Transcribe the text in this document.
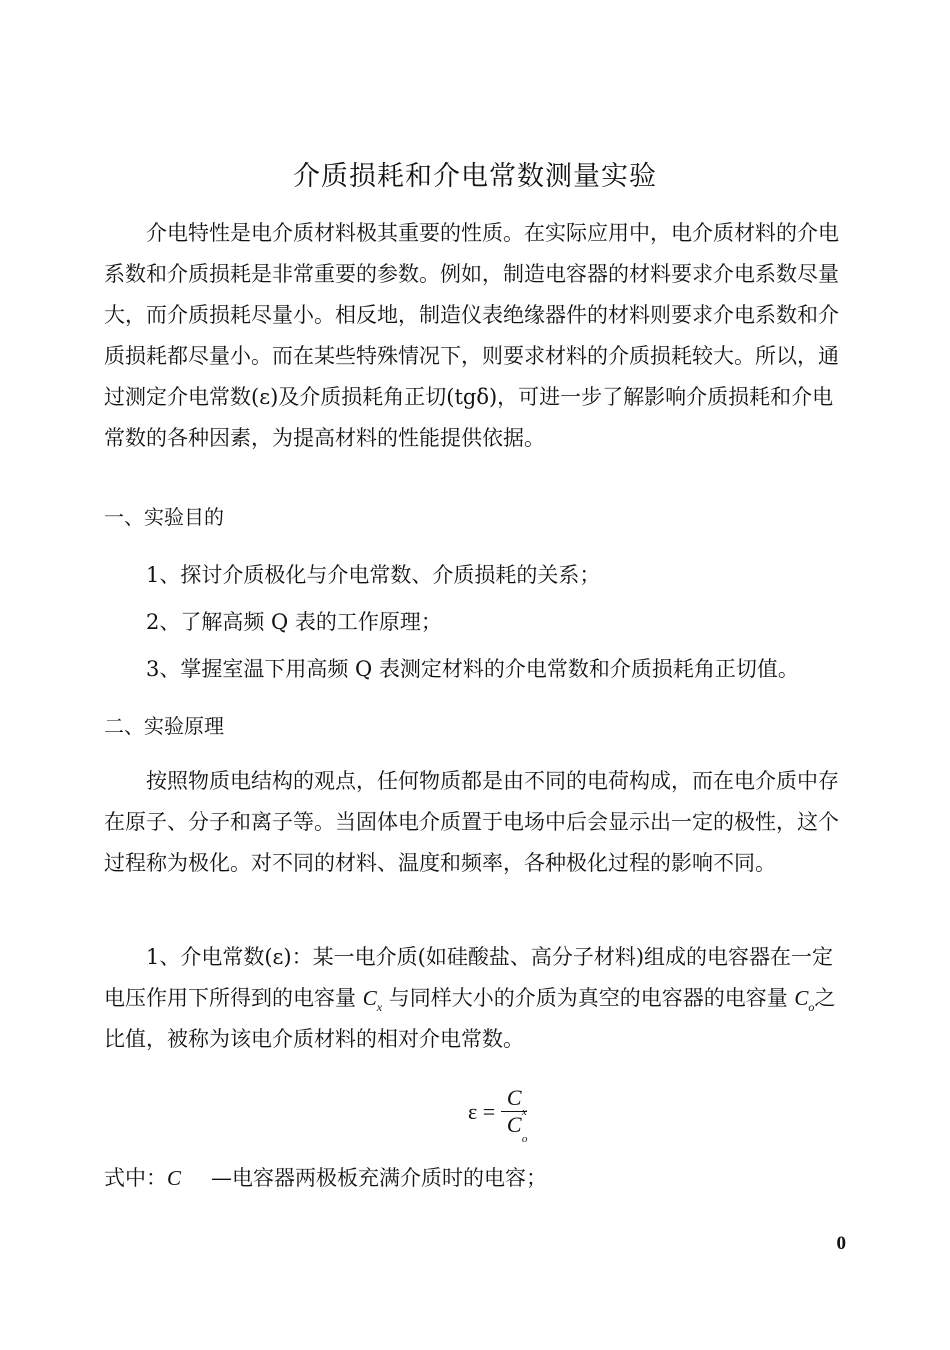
介质损耗和介电常数测量实验

介电特性是电介质材料极其重要的性质。在实际应用中，电介质材料的介电系数和介质损耗是非常重要的参数。例如，制造电容器的材料要求介电系数尽量大，而介质损耗尽量小。相反地，制造仪表绝缘器件的材料则要求介电系数和介质损耗都尽量小。而在某些特殊情况下，则要求材料的介质损耗较大。所以，通过测定介电常数(ε)及介质损耗角正切(tgδ)，可进一步了解影响介质损耗和介电常数的各种因素，为提高材料的性能提供依据。

一、实验目的
1、探讨介质极化与介电常数、介质损耗的关系；
2、了解高频 Q 表的工作原理；
3、掌握室温下用高频 Q 表测定材料的介电常数和介质损耗角正切值。
二、实验原理

按照物质电结构的观点，任何物质都是由不同的电荷构成，而在电介质中存在原子、分子和离子等。当固体电介质置于电场中后会显示出一定的极性，这个过程称为极化。对不同的材料、温度和频率，各种极化过程的影响不同。

1、介电常数(ε)：某一电介质(如硅酸盐、高分子材料)组成的电容器在一定电压作用下所得到的电容量 $C_x$ 与同样大小的介质为真空的电容器的电容量 $C_o$之比值，被称为该电介质材料的相对介电常数。

ε = C
x
C
o

式中：C —电容器两极板充满介质时的电容；

0
